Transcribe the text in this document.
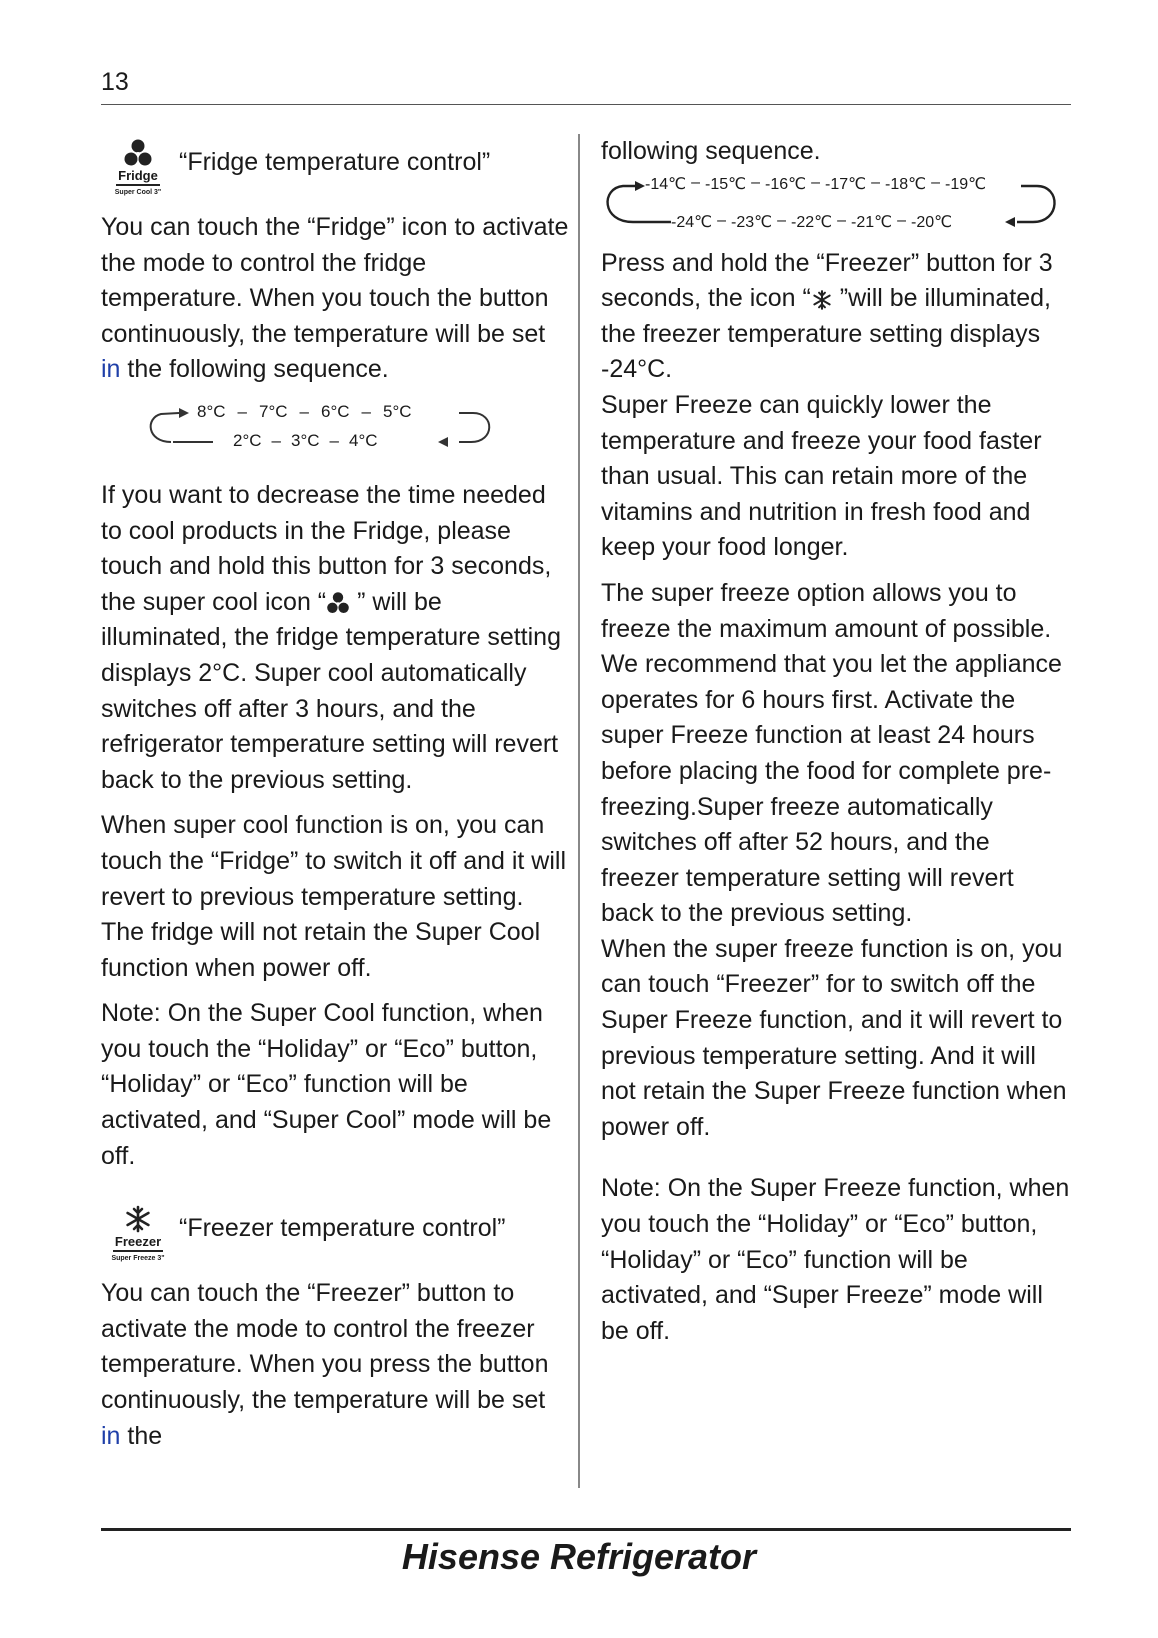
13
Fridge
Super Cool 3"
“Fridge temperature control”

You can touch the “Fridge” icon to activate the mode to control the fridge temperature. When you touch the button continuously, the temperature will be set in the following sequence.

8°C – 7°C – 6°C – 5°C
2°C – 3°C – 4°C

If you want to decrease the time needed to cool products in the Fridge, please touch and hold this button for 3 seconds, the super cool icon “ ” will be illuminated, the fridge temperature setting displays 2°C. Super cool automatically switches off after 3 hours, and the refrigerator temperature setting will revert back to the previous setting.

When super cool function is on, you can touch the “Fridge” to switch it off and it will revert to previous temperature setting. The fridge will not retain the Super Cool function when power off.

Note: On the Super Cool function, when you touch the “Holiday” or “Eco” button, “Holiday” or “Eco” function will be activated, and “Super Cool” mode will be off.

Freezer
Super Freeze 3"
“Freezer temperature control”

You can touch the “Freezer” button to activate the mode to control the freezer temperature. When you press the button continuously, the temperature will be set in the

following sequence.

-14℃ – -15℃ – -16℃ – -17℃ – -18℃ – -19℃
-24℃ – -23℃ – -22℃ – -21℃ – -20℃

Press and hold the “Freezer” button for 3 seconds, the icon “ ”will be illuminated, the freezer temperature setting displays -24°C.

Super Freeze can quickly lower the temperature and freeze your food faster than usual. This can retain more of the vitamins and nutrition in fresh food and keep your food longer.

The super freeze option allows you to freeze the maximum amount of possible. We recommend that you let the appliance operates for 6 hours first. Activate the super Freeze function at least 24 hours before placing the food for complete pre-freezing.Super freeze automatically switches off after 52 hours, and the freezer temperature setting will revert back to the previous setting.

When the super freeze function is on, you can touch “Freezer” for to switch off the Super Freeze function, and it will revert to previous temperature setting. And it will not retain the Super Freeze function when power off.

Note: On the Super Freeze function, when you touch the “Holiday” or “Eco” button, “Holiday” or “Eco” function will be activated, and “Super Freeze” mode will be off.

Hisense Refrigerator
